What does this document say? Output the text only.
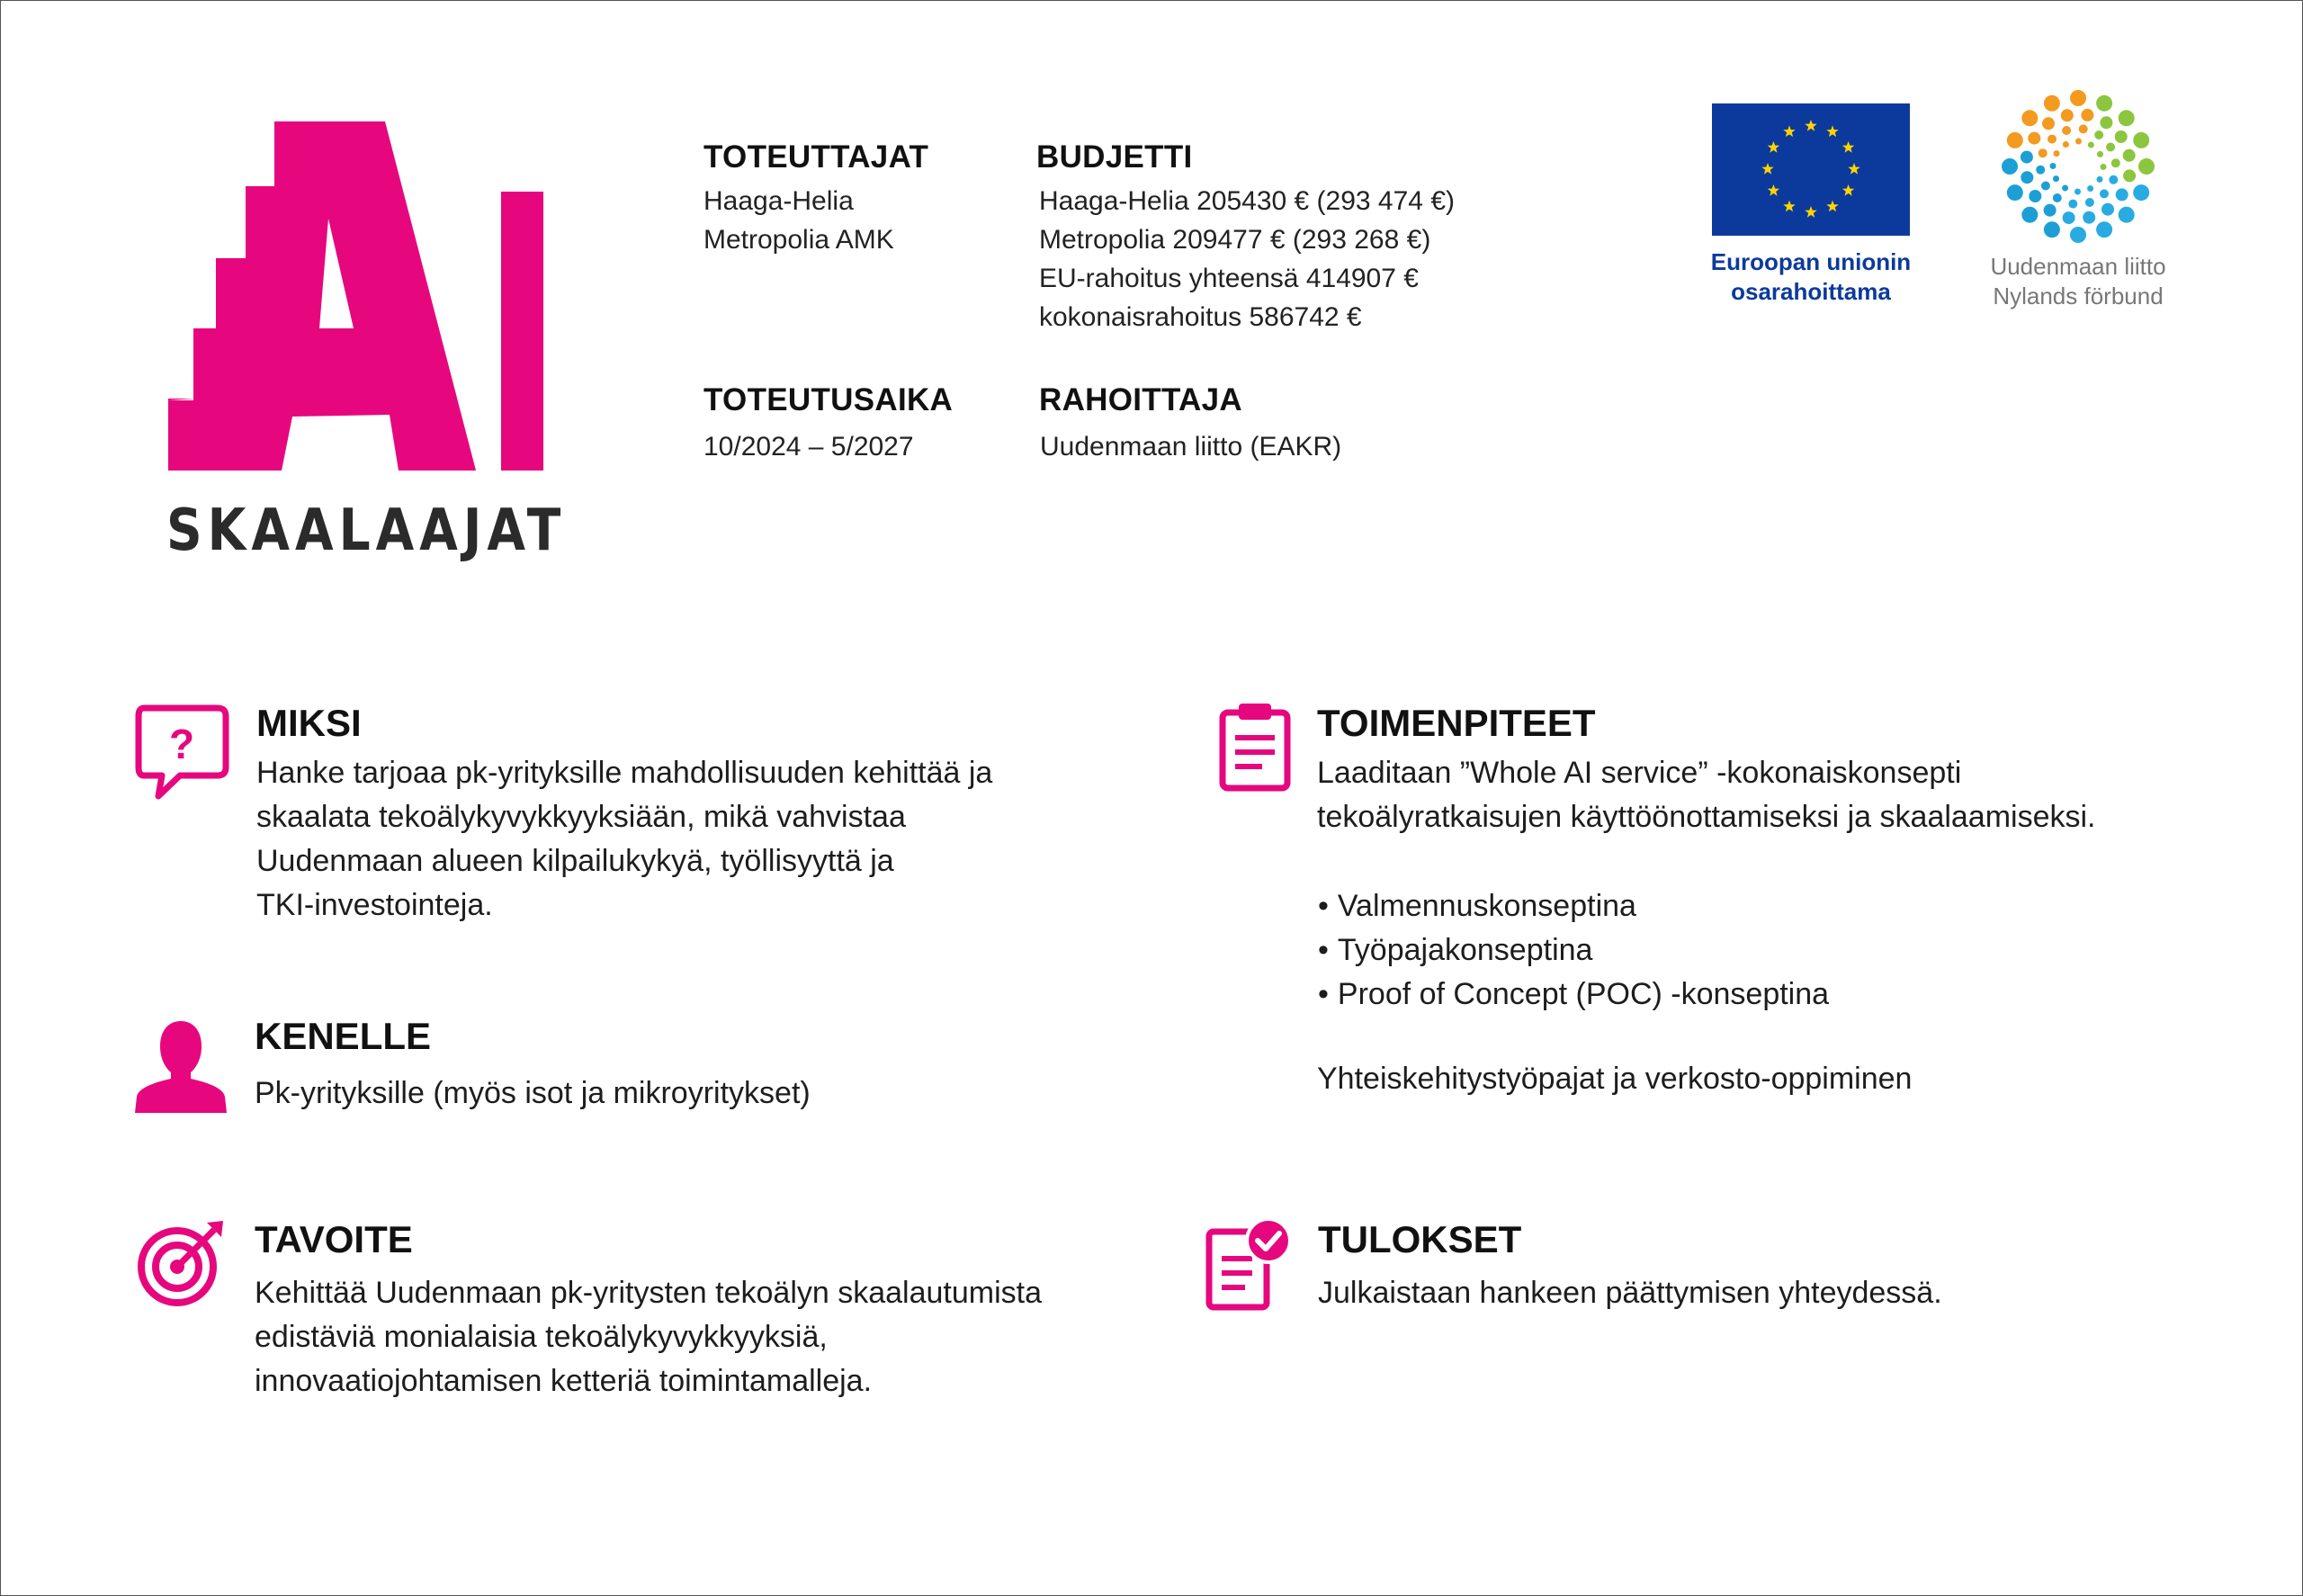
SKAALAAJAT
TOTEUTTAJAT
Haaga-Helia
Metropolia AMK
BUDJETTI
Haaga-Helia 205430 € (293 474 €)
Metropolia 209477 € (293 268 €)
EU-rahoitus yhteensä 414907 €
kokonaisrahoitus 586742 €
TOTEUTUSAIKA
10/2024 – 5/2027
RAHOITTAJA
Uudenmaan liitto (EAKR)
Euroopan unionin
osarahoittama
Uudenmaan liitto
Nylands förbund
? MIKSI
Hanke tarjoaa pk-yrityksille mahdollisuuden kehittää ja
skaalata tekoälykyvykkyyksiään, mikä vahvistaa
Uudenmaan alueen kilpailukykyä, työllisyyttä ja
TKI-investointeja.
KENELLE
Pk-yrityksille (myös isot ja mikroyritykset)
TAVOITE
Kehittää Uudenmaan pk-yritysten tekoälyn skaalautumista
edistäviä monialaisia tekoälykyvykkyyksiä,
innovaatiojohtamisen ketteriä toimintamalleja.
TOIMENPITEET
Laaditaan ”Whole AI service” -kokonaiskonsepti
tekoälyratkaisujen käyttöönottamiseksi ja skaalaamiseksi.
• Valmennuskonseptina
• Työpajakonseptina
• Proof of Concept (POC) -konseptina
Yhteiskehitystyöpajat ja verkosto-oppiminen
TULOKSET
Julkaistaan hankeen päättymisen yhteydessä.
